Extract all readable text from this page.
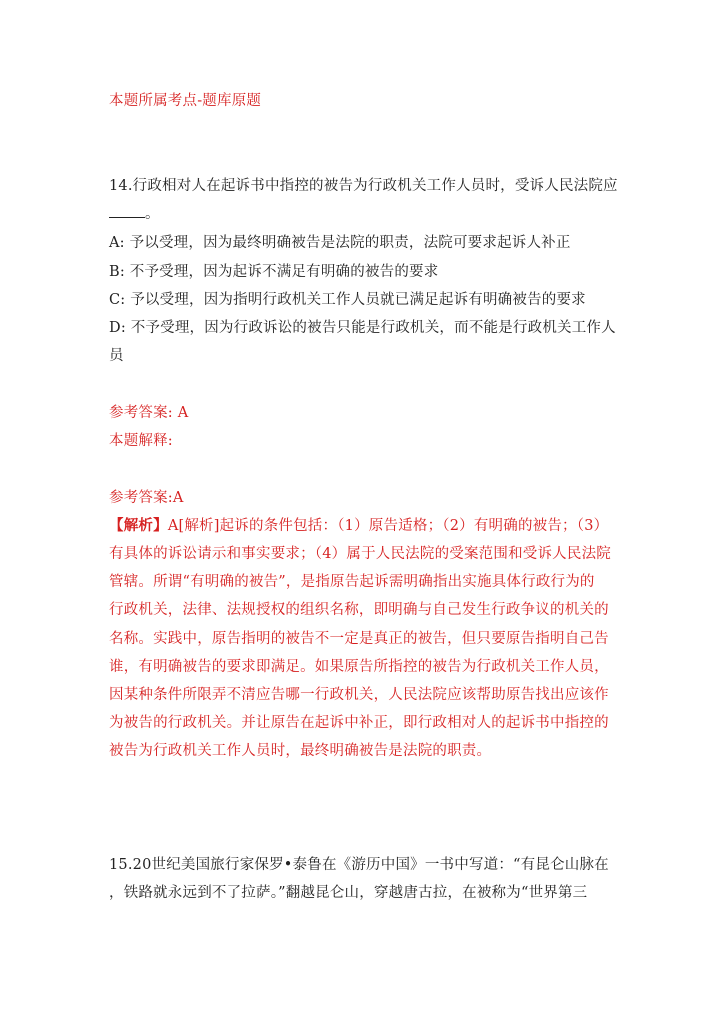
本题所属考点-题库原题
14.行政相对人在起诉书中指控的被告为行政机关工作人员时，受诉人民法院应
。
A: 予以受理，因为最终明确被告是法院的职责，法院可要求起诉人补正
B: 不予受理，因为起诉不满足有明确的被告的要求
C: 予以受理，因为指明行政机关工作人员就已满足起诉有明确被告的要求
D: 不予受理，因为行政诉讼的被告只能是行政机关，而不能是行政机关工作人
员
参考答案: A
本题解释:
参考答案:A
【解析】A[解析]起诉的条件包括：（1）原告适格；（2）有明确的被告；（3）
有具体的诉讼请示和事实要求；（4）属于人民法院的受案范围和受诉人民法院
管辖。所谓“有明确的被告”，是指原告起诉需明确指出实施具体行政行为的
行政机关，法律、法规授权的组织名称，即明确与自己发生行政争议的机关的
名称。实践中，原告指明的被告不一定是真正的被告，但只要原告指明自己告
谁，有明确被告的要求即满足。如果原告所指控的被告为行政机关工作人员，
因某种条件所限弄不清应告哪一行政机关，人民法院应该帮助原告找出应该作
为被告的行政机关。并让原告在起诉中补正，即行政相对人的起诉书中指控的
被告为行政机关工作人员时，最终明确被告是法院的职责。
15.20世纪美国旅行家保罗•泰鲁在《游历中国》一书中写道：“有昆仑山脉在
，铁路就永远到不了拉萨。”翻越昆仑山，穿越唐古拉，在被称为“世界第三
